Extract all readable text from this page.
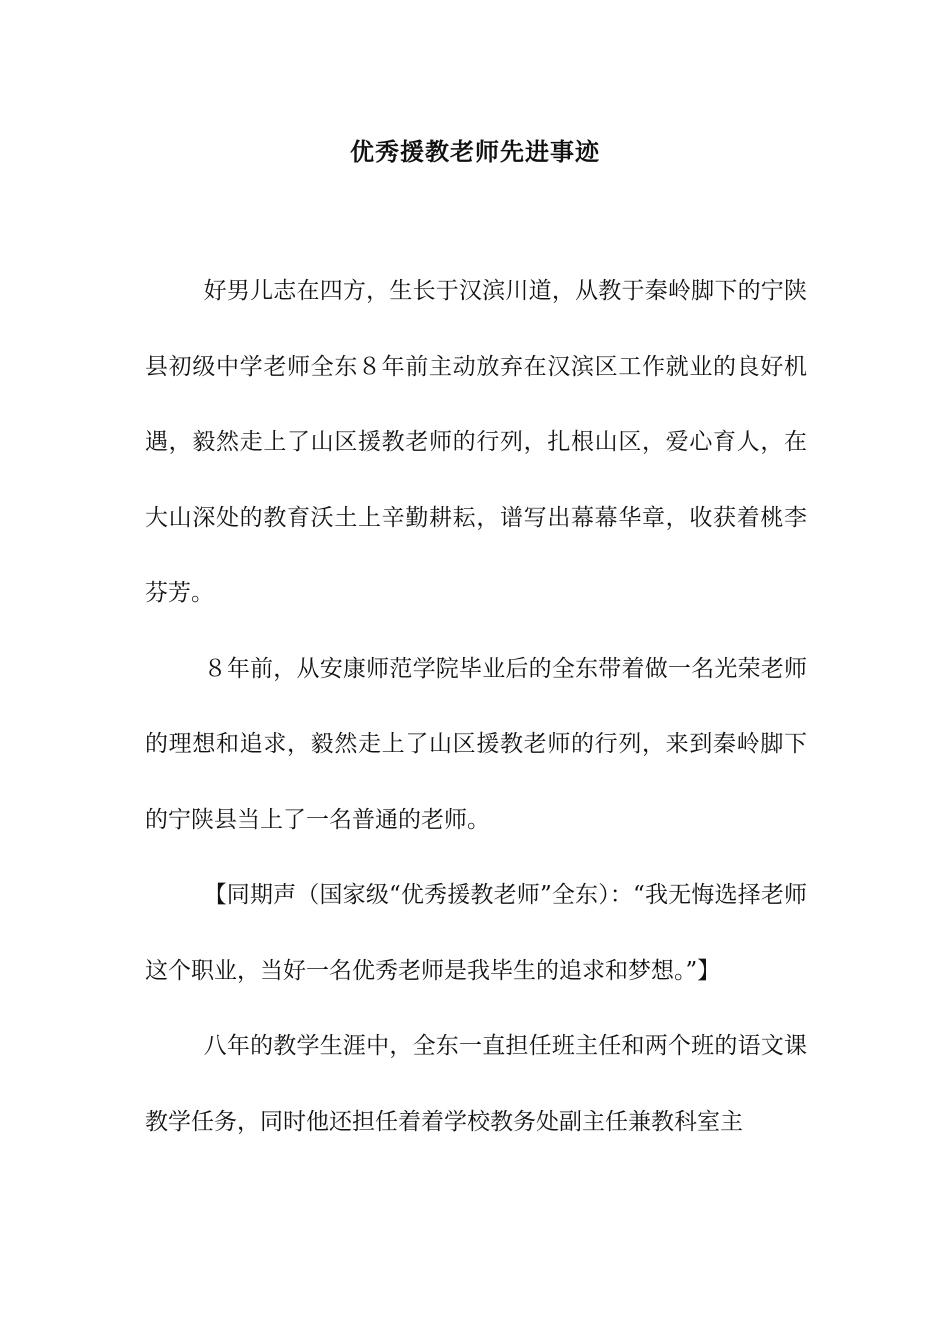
优秀援教老师先进事迹

好男儿志在四方，生长于汉滨川道，从教于秦岭脚下的宁陕县初级中学老师全东８年前主动放弃在汉滨区工作就业的良好机遇，毅然走上了山区援教老师的行列，扎根山区，爱心育人，在大山深处的教育沃土上辛勤耕耘，谱写出幕幕华章，收获着桃李芬芳。

８年前，从安康师范学院毕业后的全东带着做一名光荣老师的理想和追求，毅然走上了山区援教老师的行列，来到秦岭脚下的宁陕县当上了一名普通的老师。

【同期声（国家级“优秀援教老师”全东）：“我无悔选择老师这个职业，当好一名优秀老师是我毕生的追求和梦想。”】

八年的教学生涯中，全东一直担任班主任和两个班的语文课教学任务，同时他还担任着着学校教务处副主任兼教科室主
